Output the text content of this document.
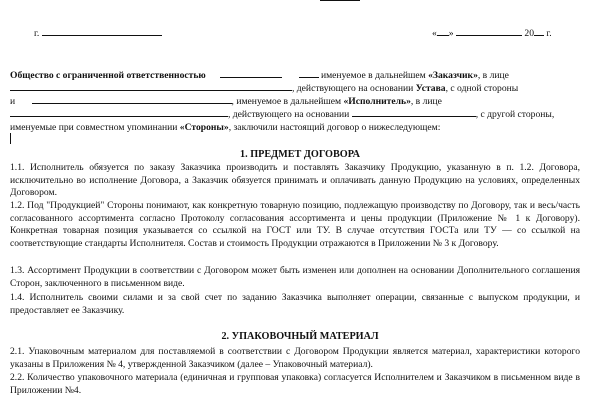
г.	« »	20 г.
Общество с ограниченной ответственностью	именуемое в дальнейшем «Заказчик», в лице
, действующего на основании Устава, с одной стороны
и	, именуемое в дальнейшем «Исполнитель», в лице
, действующего на основании	, с другой стороны,
именуемые при совместном упоминании «Стороны», заключили настоящий договор о нижеследующем:
1. ПРЕДМЕТ ДОГОВОРА

1.1. Исполнитель обязуется по заказу Заказчика производить и поставлять Заказчику Продукцию, указанную в п. 1.2. Договора, исключительно во исполнение Договора, а Заказчик обязуется принимать и оплачивать данную Продукцию на условиях, определенных Договором.

1.2. Под "Продукцией" Стороны понимают, как конкретную товарную позицию, подлежащую производству по Договору, так и весь/часть согласованного ассортимента согласно Протоколу согласования ассортимента и цены продукции (Приложение № 1 к Договору). Конкретная товарная позиция указывается со ссылкой на ГОСТ или ТУ. В случае отсутствия ГОСТа или ТУ — со ссылкой на соответствующие стандарты Исполнителя. Состав и стоимость Продукции отражаются в Приложении № 3 к Договору.

1.3. Ассортимент Продукции в соответствии с Договором может быть изменен или дополнен на основании Дополнительного соглашения Сторон, заключенного в письменном виде.

1.4. Исполнитель своими силами и за свой счет по заданию Заказчика выполняет операции, связанные с выпуском продукции, и предоставляет ее Заказчику.

2. УПАКОВОЧНЫЙ МАТЕРИАЛ

2.1. Упаковочным материалом для поставляемой в соответствии с Договором Продукции является материал, характеристики которого указаны в Приложения № 4, утвержденной Заказчиком (далее – Упаковочный материал).

2.2. Количество упаковочного материала (единичная и групповая упаковка) согласуется Исполнителем и Заказчиком в письменном виде в Приложении №4.
